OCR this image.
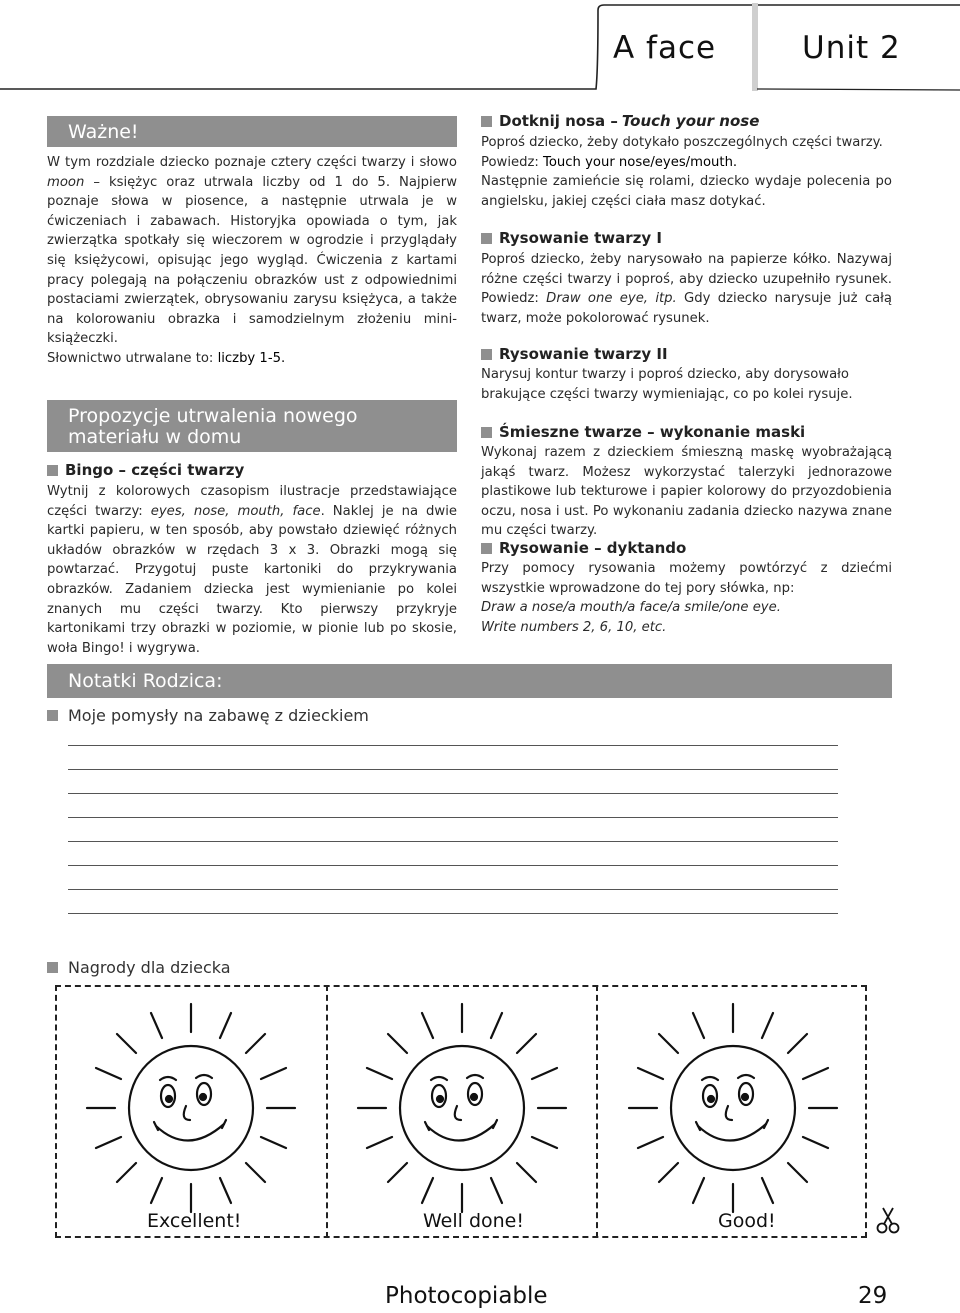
A face	Unit 2
Ważne!

W tym rozdziale dziecko poznaje cztery części twarzy i słowo moon – księżyc oraz utrwala liczby od 1 do 5. Najpierw poznaje słowa w piosence, a następnie utrwala je w ćwiczeniach i zabawach. Historyjka opowiada o tym, jak zwierzątka spotkały się wieczorem w ogrodzie i przyglądały się księżycowi, opisując jego wygląd. Ćwiczenia z kartami pracy polegają na połączeniu obrazków ust z odpowiednimi postaciami zwierzątek, obrysowaniu zarysu księżyca, a także na kolorowaniu obrazka i samodzielnym złożeniu mini-książeczki.

Słownictwo utrwalane to: liczby 1-5.

Propozycje utrwalenia nowego
materiału w domu
Bingo – części twarzy

Wytnij z kolorowych czasopism ilustracje przedstawiające części twarzy: eyes, nose, mouth, face. Naklej je na dwie kartki papieru, w ten sposób, aby powstało dziewięć różnych układów obrazków w rzędach 3 x 3. Obrazki mogą się powtarzać. Przygotuj puste kartoniki do przykrywania obrazków. Zadaniem dziecka jest wymienianie po kolei znanych mu części twarzy. Kto pierwszy przykryje kartonikami trzy obrazki w poziomie, w pionie lub po skosie, woła Bingo! i wygrywa.

Dotknij nosa – Touch your nose

Poproś dziecko, żeby dotykało poszczególnych części twarzy.

Powiedz: Touch your nose/eyes/mouth.

Następnie zamieńcie się rolami, dziecko wydaje polecenia po angielsku, jakiej części ciała masz dotykać.

Rysowanie twarzy I

Poproś dziecko, żeby narysowało na papierze kółko. Nazywaj różne części twarzy i poproś, aby dziecko uzupełniło rysunek. Powiedz: Draw one eye, itp. Gdy dziecko narysuje już całą twarz, może pokolorować rysunek.

Rysowanie twarzy II

Narysuj kontur twarzy i poproś dziecko, aby dorysowało brakujące części twarzy wymieniając, co po kolei rysuje.

Śmieszne twarze – wykonanie maski

Wykonaj razem z dzieckiem śmieszną maskę wyobrażającą jakąś twarz. Możesz wykorzystać talerzyki jednorazowe plastikowe lub tekturowe i papier kolorowy do przyozdobienia oczu, nosa i ust. Po wykonaniu zadania dziecko nazywa znane mu części twarzy.

Rysowanie – dyktando

Przy pomocy rysowania możemy powtórzyć z dziećmi wszystkie wprowadzone do tej pory słówka, np:

Draw a nose/a mouth/a face/a smile/one eye.

Write numbers 2, 6, 10, etc.

Notatki Rodzica:
Moje pomysły na zabawę z dzieckiem
Nagrody dla dziecka
Excellent!	Well done!	Good!
Photocopiable	29
